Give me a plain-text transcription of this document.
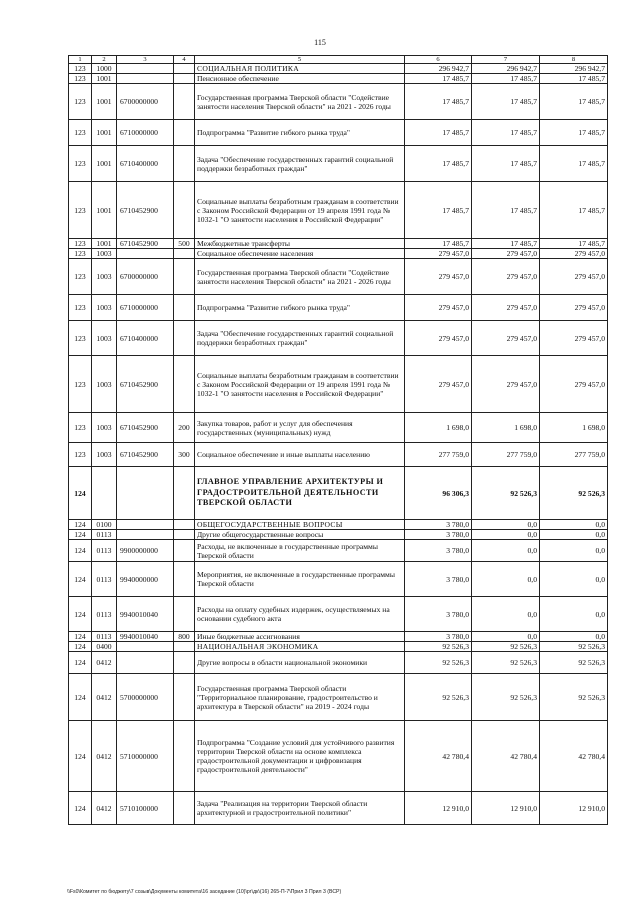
115
1	2	3	4	5	6	7	8
123	1000			СОЦИАЛЬНАЯ ПОЛИТИКА	296 942,7	296 942,7	296 942,7
123	1001			Пенсионное обеспечение	17 485,7	17 485,7	17 485,7
123	1001	6700000000		Государственная программа Тверской области "Содействие занятости населения Тверской области" на 2021 - 2026 годы	17 485,7	17 485,7	17 485,7
123	1001	6710000000		Подпрограмма "Развитие гибкого рынка труда"	17 485,7	17 485,7	17 485,7
123	1001	6710400000		Задача "Обеспечение государственных гарантий социальной поддержки безработных граждан"	17 485,7	17 485,7	17 485,7
123	1001	6710452900		Социальные выплаты безработным гражданам в соответствии с Законом Российской Федерации от 19 апреля 1991 года № 1032-1 "О занятости населения в Российской Федерации"	17 485,7	17 485,7	17 485,7
123	1001	6710452900	500	Межбюджетные трансферты	17 485,7	17 485,7	17 485,7
123	1003			Социальное обеспечение населения	279 457,0	279 457,0	279 457,0
123	1003	6700000000		Государственная программа Тверской области "Содействие занятости населения Тверской области" на 2021 - 2026 годы	279 457,0	279 457,0	279 457,0
123	1003	6710000000		Подпрограмма "Развитие гибкого рынка труда"	279 457,0	279 457,0	279 457,0
123	1003	6710400000		Задача "Обеспечение государственных гарантий социальной поддержки безработных граждан"	279 457,0	279 457,0	279 457,0
123	1003	6710452900		Социальные выплаты безработным гражданам в соответствии с Законом Российской Федерации от 19 апреля 1991 года № 1032-1 "О занятости населения в Российской Федерации"	279 457,0	279 457,0	279 457,0
123	1003	6710452900	200	Закупка товаров, работ и услуг для обеспечения государственных (муниципальных) нужд	1 698,0	1 698,0	1 698,0
123	1003	6710452900	300	Социальное обеспечение и иные выплаты населению	277 759,0	277 759,0	277 759,0
124				ГЛАВНОЕ УПРАВЛЕНИЕ АРХИТЕКТУРЫ И ГРАДОСТРОИТЕЛЬНОЙ ДЕЯТЕЛЬНОСТИ ТВЕРСКОЙ ОБЛАСТИ	96 306,3	92 526,3	92 526,3
124	0100			ОБЩЕГОСУДАРСТВЕННЫЕ ВОПРОСЫ	3 780,0	0,0	0,0
124	0113			Другие общегосударственные вопросы	3 780,0	0,0	0,0
124	0113	9900000000		Расходы, не включенные в государственные программы Тверской области	3 780,0	0,0	0,0
124	0113	9940000000		Мероприятия, не включенные в государственные программы Тверской области	3 780,0	0,0	0,0
124	0113	9940010040		Расходы на оплату судебных издержек, осуществляемых на основании судебного акта	3 780,0	0,0	0,0
124	0113	9940010040	800	Иные бюджетные ассигнования	3 780,0	0,0	0,0
124	0400			НАЦИОНАЛЬНАЯ ЭКОНОМИКА	92 526,3	92 526,3	92 526,3
124	0412			Другие вопросы в области национальной экономики	92 526,3	92 526,3	92 526,3
124	0412	5700000000		Государственная программа Тверской области "Территориальное планирование, градостроительство и архитектура в Тверской области" на 2019 - 2024 годы	92 526,3	92 526,3	92 526,3
124	0412	5710000000		Подпрограмма "Создание условий для устойчивого развития территории Тверской области на основе комплекса градостроительной документации и цифровизация градостроительной деятельности"	42 780,4	42 780,4	42 780,4
124	0412	5710100000		Задача "Реализация на территории Тверской области архитектурной и градостроительной политики"	12 910,0	12 910,0	12 910,0
\\Fs0\Комитет по бюджету\7 созыв\Документы комитета\16 заседание (10)\рг\дк\(16) 265-П-7\Прил 3 Прил 3 (ВСР)
